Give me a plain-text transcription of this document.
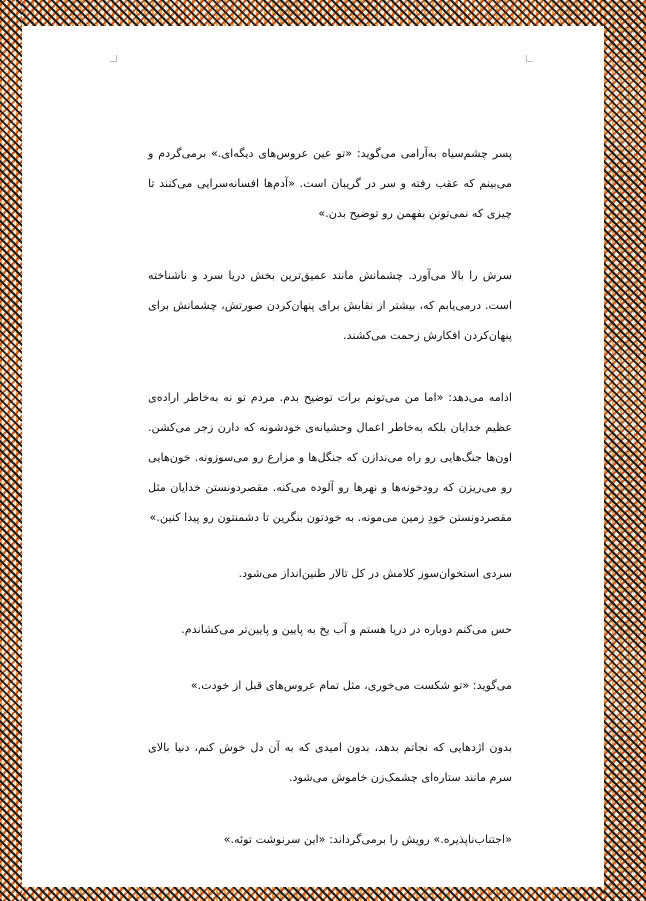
پسر چشم‌سیاه به‌آرامی می‌گوید: «تو عین عروس‌های دیگه‌ای.» برمی‌گردم و می‌بینم که عقب رفته و سر در گریبان است. «آدم‌ها افسانه‌سرایی می‌کنند تا چیزی که نمی‌تونن بفهمن رو توضیح بدن.»

سرش را بالا می‌آورد. چشمانش مانند عمیق‌ترین بخش دریا سرد و ناشناخته است. درمی‌یابم که، بیشتر از نقابش برای پنهان‌کردن صورتش، چشمانش برای پنهان‌کردن افکارش زحمت می‌کشند.

ادامه می‌دهد: «اما من می‌تونم برات توضیح بدم. مردم تو نه به‌خاطر اراده‌ی عظیم خدایان بلکه به‌خاطر اعمال وحشیانه‌ی خودشونه که دارن زجر می‌کشن. اون‌ها جنگ‌هایی رو راه می‌ندازن که جنگل‌ها و مزارع رو می‌سوزونه. خون‌هایی رو می‌ریزن که رودخونه‌ها و نهرها رو آلوده می‌کنه. مقصردونستن خدایان مثل مقصردونستن خودِ زمین می‌مونه. به خودتون بنگرین تا دشمنتون رو پیدا کنین.»

سردی استخوان‌سوز کلامش در کل تالار طنین‌انداز می‌شود.

حس می‌کنم دوباره در دریا هستم و آب یخ به پایین و پایین‌تر می‌کشاندم.

می‌گوید: «تو شکست می‌خوری، مثل تمام عروس‌های قبل از خودت.»

بدون اژدهایی که نجاتم بدهد، بدون امیدی که به آن دل خوش کنم، دنیا بالای سرم مانند ستاره‌ای چشمک‌زن خاموش می‌شود.

«اجتناب‌ناپذیره.» رویش را برمی‌گرداند: «این سرنوشت توئه.»
